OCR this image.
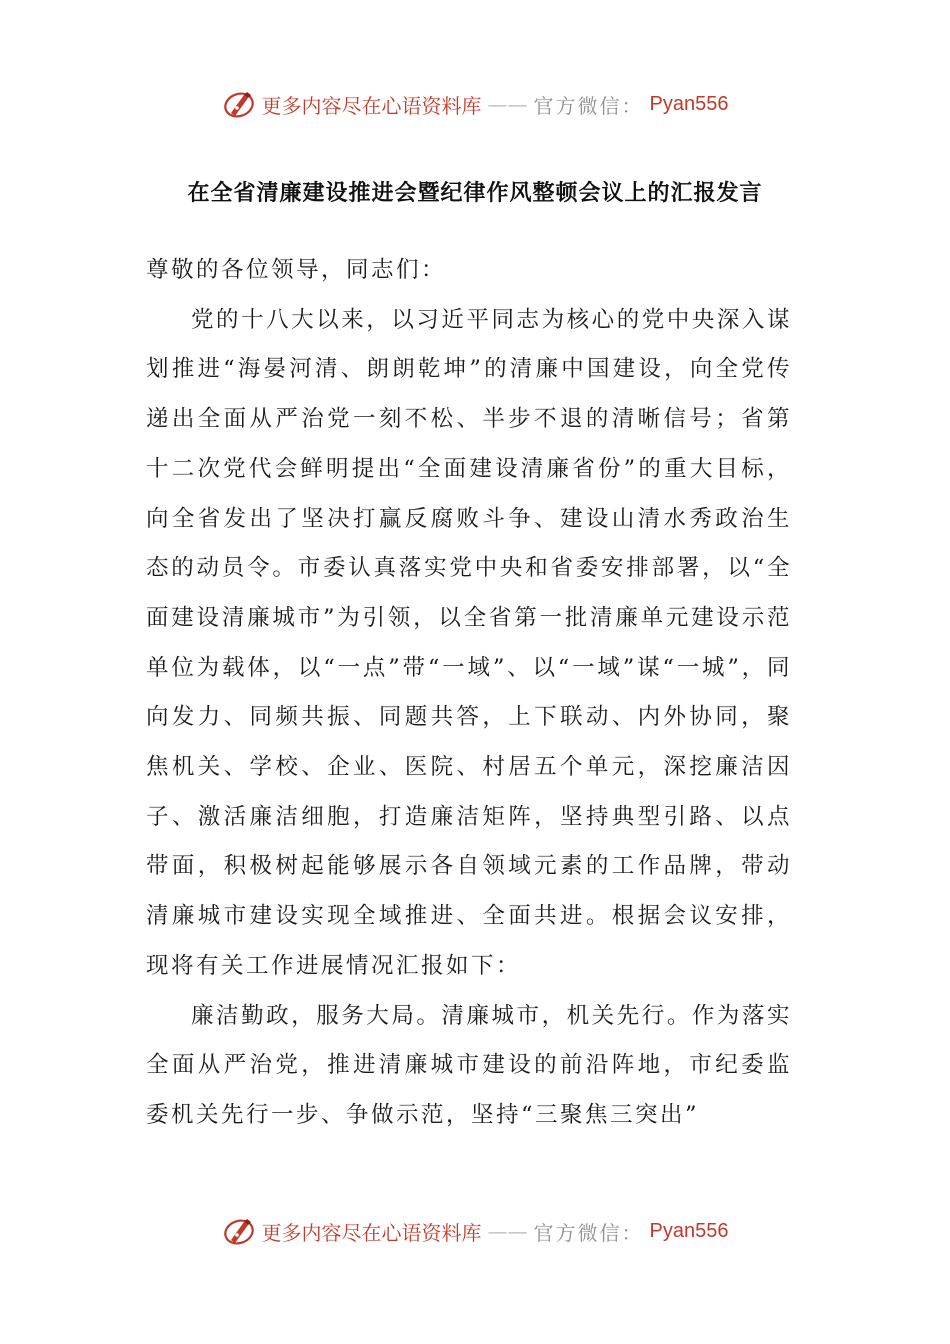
更多内容尽在心语资料库 —— 官方微信： Pyan556
在全省清廉建设推进会暨纪律作风整顿会议上的汇报发言

尊敬的各位领导，同志们：

党的十八大以来，以习近平同志为核心的党中央深入谋划推进“海晏河清、朗朗乾坤”的清廉中国建设，向全党传递出全面从严治党一刻不松、半步不退的清晰信号；省第十二次党代会鲜明提出“全面建设清廉省份”的重大目标，向全省发出了坚决打赢反腐败斗争、建设山清水秀政治生态的动员令。市委认真落实党中央和省委安排部署，以“全面建设清廉城市”为引领，以全省第一批清廉单元建设示范单位为载体，以“一点”带“一域”、以“一域”谋“一城”，同向发力、同频共振、同题共答，上下联动、内外协同，聚焦机关、学校、企业、医院、村居五个单元，深挖廉洁因子、激活廉洁细胞，打造廉洁矩阵，坚持典型引路、以点带面，积极树起能够展示各自领域元素的工作品牌，带动清廉城市建设实现全域推进、全面共进。根据会议安排，现将有关工作进展情况汇报如下：

廉洁勤政，服务大局。清廉城市，机关先行。作为落实全面从严治党，推进清廉城市建设的前沿阵地，市纪委监委机关先行一步、争做示范，坚持“三聚焦三突出”

更多内容尽在心语资料库 —— 官方微信： Pyan556
